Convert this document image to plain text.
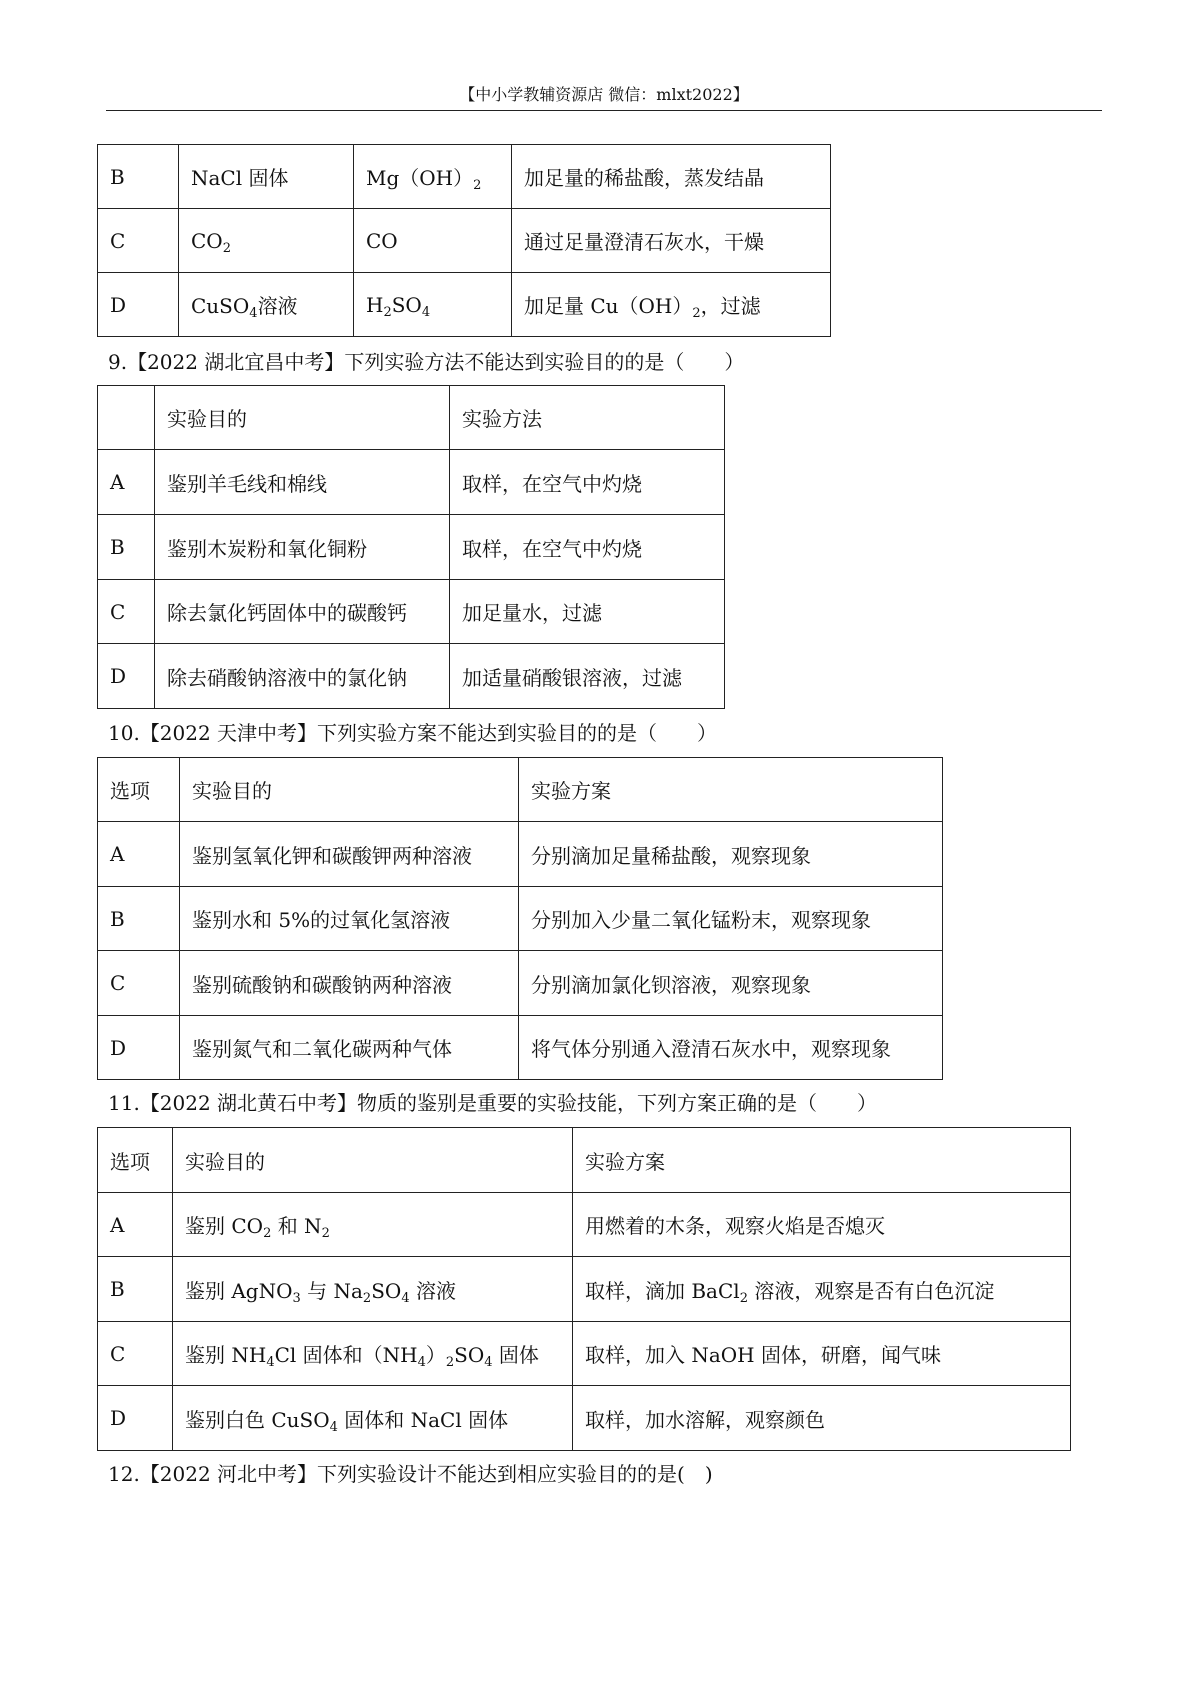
【中小学教辅资源店 微信：mlxt2022】
B	NaCl 固体	$Mg(OH)_2$	加足量的稀盐酸，蒸发结晶
C	$CO_2$	CO	通过足量澄清石灰水，干燥
D	CuSO$_4$溶液	$H_2SO_4$	加足量 $Cu(OH)_2$，过滤
9.【2022 湖北宜昌中考】下列实验方法不能达到实验目的的是（　　）
	实验目的	实验方法
A	鉴别羊毛线和棉线	取样，在空气中灼烧
B	鉴别木炭粉和氧化铜粉	取样，在空气中灼烧
C	除去氯化钙固体中的碳酸钙	加足量水，过滤
D	除去硝酸钠溶液中的氯化钠	加适量硝酸银溶液，过滤
10.【2022 天津中考】下列实验方案不能达到实验目的的是（　　）
选项	实验目的	实验方案
A	鉴别氢氧化钾和碳酸钾两种溶液	分别滴加足量稀盐酸，观察现象
B	鉴别水和 5%的过氧化氢溶液	分别加入少量二氧化锰粉末，观察现象
C	鉴别硫酸钠和碳酸钠两种溶液	分别滴加氯化钡溶液，观察现象
D	鉴别氮气和二氧化碳两种气体	将气体分别通入澄清石灰水中，观察现象
11.【2022 湖北黄石中考】物质的鉴别是重要的实验技能，下列方案正确的是（　　）
选项	实验目的	实验方案
A	鉴别 $CO_2$ 和 $N_2$	用燃着的木条，观察火焰是否熄灭
B	鉴别 AgNO$_3$ 与 $Na_2SO_4$ 溶液	取样，滴加 BaCl$_2$ 溶液，观察是否有白色沉淀
C	鉴别 $NH_4Cl$ 固体和$(NH_4)_2SO_4$ 固体	取样，加入 NaOH 固体，研磨，闻气味
D	鉴别白色 CuSO$_4$ 固体和 NaCl 固体	取样，加水溶解，观察颜色
12.【2022 河北中考】下列实验设计不能达到相应实验目的的是(　)
